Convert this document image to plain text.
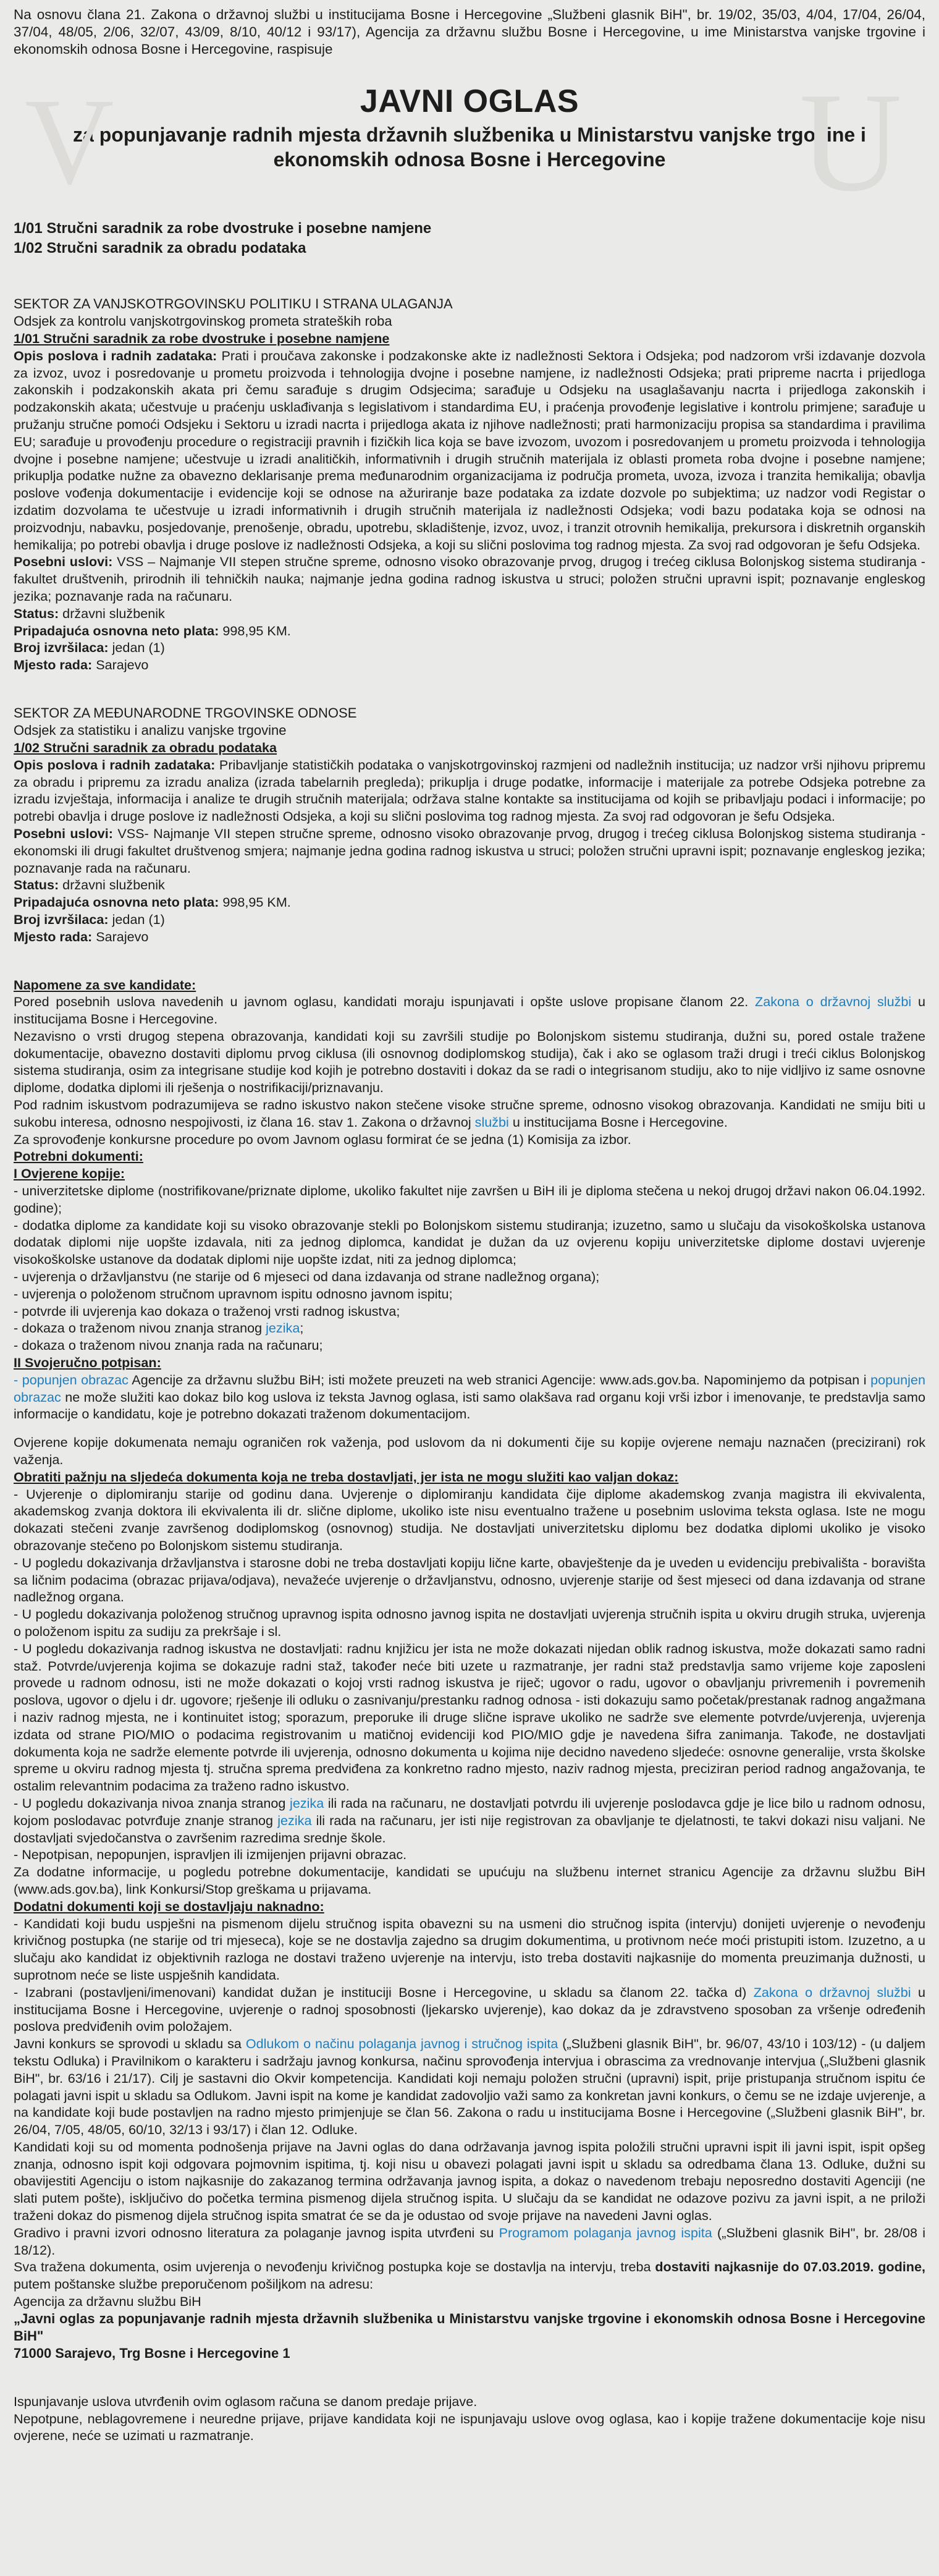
V	U

Na osnovu člana 21. Zakona o državnoj službi u institucijama Bosne i Hercegovine „Službeni glasnik BiH", br. 19/02, 35/03, 4/04, 17/04, 26/04, 37/04, 48/05, 2/06, 32/07, 43/09, 8/10, 40/12 i 93/17), Agencija za državnu službu Bosne i Hercegovine, u ime Ministarstva vanjske trgovine i ekonomskih odnosa Bosne i Hercegovine, raspisuje

JAVNI OGLAS
za popunjavanje radnih mjesta državnih službenika u Ministarstvu vanjske trgovine i ekonomskih odnosa Bosne i Hercegovine
1/01 Stručni saradnik za robe dvostruke i posebne namjene
1/02 Stručni saradnik za obradu podataka

SEKTOR ZA VANJSKOTRGOVINSKU POLITIKU I STRANA ULAGANJA

Odsjek za kontrolu vanjskotrgovinskog prometa strateških roba

1/01 Stručni saradnik za robe dvostruke i posebne namjene

Opis poslova i radnih zadataka: Prati i proučava zakonske i podzakonske akte iz nadležnosti Sektora i Odsjeka; pod nadzorom vrši izdavanje dozvola za izvoz, uvoz i posredovanje u prometu proizvoda i tehnologija dvojne i posebne namjene, iz nadležnosti Odsjeka; prati pripreme nacrta i prijedloga zakonskih i podzakonskih akata pri čemu sarađuje s drugim Odsjecima; sarađuje u Odsjeku na usaglašavanju nacrta i prijedloga zakonskih i podzakonskih akata; učestvuje u praćenju usklađivanja s legislativom i standardima EU, i praćenja provođenje legislative i kontrolu primjene; sarađuje u pružanju stručne pomoći Odsjeku i Sektoru u izradi nacrta i prijedloga akata iz njihove nadležnosti; prati harmonizaciju propisa sa standardima i pravilima EU; sarađuje u provođenju procedure o registraciji pravnih i fizičkih lica koja se bave izvozom, uvozom i posredovanjem u prometu proizvoda i tehnologija dvojne i posebne namjene; učestvuje u izradi analitičkih, informativnih i drugih stručnih materijala iz oblasti prometa roba dvojne i posebne namjene; prikuplja podatke nužne za obavezno deklarisanje prema međunarodnim organizacijama iz područja prometa, uvoza, izvoza i tranzita hemikalija; obavlja poslove vođenja dokumentacije i evidencije koji se odnose na ažuriranje baze podataka za izdate dozvole po subjektima; uz nadzor vodi Registar o izdatim dozvolama te učestvuje u izradi informativnih i drugih stručnih materijala iz nadležnosti Odsjeka; vodi bazu podataka koja se odnosi na proizvodnju, nabavku, posjedovanje, prenošenje, obradu, upotrebu, skladištenje, izvoz, uvoz, i tranzit otrovnih hemikalija, prekursora i diskretnih organskih hemikalija; po potrebi obavlja i druge poslove iz nadležnosti Odsjeka, a koji su slični poslovima tog radnog mjesta. Za svoj rad odgovoran je šefu Odsjeka.

Posebni uslovi: VSS – Najmanje VII stepen stručne spreme, odnosno visoko obrazovanje prvog, drugog i trećeg ciklusa Bolonjskog sistema studiranja - fakultet društvenih, prirodnih ili tehničkih nauka; najmanje jedna godina radnog iskustva u struci; položen stručni upravni ispit; poznavanje engleskog jezika; poznavanje rada na računaru.

Status: državni službenik

Pripadajuća osnovna neto plata: 998,95 KM.

Broj izvršilaca: jedan (1)

Mjesto rada: Sarajevo

SEKTOR ZA MEĐUNARODNE TRGOVINSKE ODNOSE

Odsjek za statistiku i analizu vanjske trgovine

1/02 Stručni saradnik za obradu podataka

Opis poslova i radnih zadataka: Pribavljanje statističkih podataka o vanjskotrgovinskoj razmjeni od nadležnih institucija; uz nadzor vrši njihovu pripremu za obradu i pripremu za izradu analiza (izrada tabelarnih pregleda); prikuplja i druge podatke, informacije i materijale za potrebe Odsjeka potrebne za izradu izvještaja, informacija i analize te drugih stručnih materijala; održava stalne kontakte sa institucijama od kojih se pribavljaju podaci i informacije; po potrebi obavlja i druge poslove iz nadležnosti Odsjeka, a koji su slični poslovima tog radnog mjesta. Za svoj rad odgovoran je šefu Odsjeka.

Posebni uslovi: VSS- Najmanje VII stepen stručne spreme, odnosno visoko obrazovanje prvog, drugog i trećeg ciklusa Bolonjskog sistema studiranja -ekonomski ili drugi fakultet društvenog smjera; najmanje jedna godina radnog iskustva u struci; položen stručni upravni ispit; poznavanje engleskog jezika; poznavanje rada na računaru.

Status: državni službenik

Pripadajuća osnovna neto plata: 998,95 KM.

Broj izvršilaca: jedan (1)

Mjesto rada: Sarajevo

Napomene za sve kandidate:

Pored posebnih uslova navedenih u javnom oglasu, kandidati moraju ispunjavati i opšte uslove propisane članom 22. Zakona o državnoj službi u institucijama Bosne i Hercegovine.

Nezavisno o vrsti drugog stepena obrazovanja, kandidati koji su završili studije po Bolonjskom sistemu studiranja, dužni su, pored ostale tražene dokumentacije, obavezno dostaviti diplomu prvog ciklusa (ili osnovnog dodiplomskog studija), čak i ako se oglasom traži drugi i treći ciklus Bolonjskog sistema studiranja, osim za integrisane studije kod kojih je potrebno dostaviti i dokaz da se radi o integrisanom studiju, ako to nije vidljivo iz same osnovne diplome, dodatka diplomi ili rješenja o nostrifikaciji/priznavanju.

Pod radnim iskustvom podrazumijeva se radno iskustvo nakon stečene visoke stručne spreme, odnosno visokog obrazovanja. Kandidati ne smiju biti u sukobu interesa, odnosno nespojivosti, iz člana 16. stav 1. Zakona o državnoj službi u institucijama Bosne i Hercegovine.

Za sprovođenje konkursne procedure po ovom Javnom oglasu formirat će se jedna (1) Komisija za izbor.

Potrebni dokumenti:

I Ovjerene kopije:

- univerzitetske diplome (nostrifikovane/priznate diplome, ukoliko fakultet nije završen u BiH ili je diploma stečena u nekoj drugoj državi nakon 06.04.1992. godine);

- dodatka diplome za kandidate koji su visoko obrazovanje stekli po Bolonjskom sistemu studiranja; izuzetno, samo u slučaju da visokoškolska ustanova dodatak diplomi nije uopšte izdavala, niti za jednog diplomca, kandidat je dužan da uz ovjerenu kopiju univerzitetske diplome dostavi uvjerenje visokoškolske ustanove da dodatak diplomi nije uopšte izdat, niti za jednog diplomca;

- uvjerenja o državljanstvu (ne starije od 6 mjeseci od dana izdavanja od strane nadležnog organa);

- uvjerenja o položenom stručnom upravnom ispitu odnosno javnom ispitu;

- potvrde ili uvjerenja kao dokaza o traženoj vrsti radnog iskustva;

- dokaza o traženom nivou znanja stranog jezika;

- dokaza o traženom nivou znanja rada na računaru;

II Svojeručno potpisan:

- popunjen obrazac Agencije za državnu službu BiH; isti možete preuzeti na web stranici Agencije: www.ads.gov.ba. Napominjemo da potpisan i popunjen obrazac ne može služiti kao dokaz bilo kog uslova iz teksta Javnog oglasa, isti samo olakšava rad organu koji vrši izbor i imenovanje, te predstavlja samo informacije o kandidatu, koje je potrebno dokazati traženom dokumentacijom.

Ovjerene kopije dokumenata nemaju ograničen rok važenja, pod uslovom da ni dokumenti čije su kopije ovjerene nemaju naznačen (precizirani) rok važenja.

Obratiti pažnju na sljedeća dokumenta koja ne treba dostavljati, jer ista ne mogu služiti kao valjan dokaz:

- Uvjerenje o diplomiranju starije od godinu dana. Uvjerenje o diplomiranju kandidata čije diplome akademskog zvanja magistra ili ekvivalenta, akademskog zvanja doktora ili ekvivalenta ili dr. slične diplome, ukoliko iste nisu eventualno tražene u posebnim uslovima teksta oglasa. Iste ne mogu dokazati stečeni zvanje završenog dodiplomskog (osnovnog) studija. Ne dostavljati univerzitetsku diplomu bez dodatka diplomi ukoliko je visoko obrazovanje stečeno po Bolonjskom sistemu studiranja.

- U pogledu dokazivanja državljanstva i starosne dobi ne treba dostavljati kopiju lične karte, obavještenje da je uveden u evidenciju prebivališta - boravišta sa ličnim podacima (obrazac prijava/odjava), nevažeće uvjerenje o državljanstvu, odnosno, uvjerenje starije od šest mjeseci od dana izdavanja od strane nadležnog organa.

- U pogledu dokazivanja položenog stručnog upravnog ispita odnosno javnog ispita ne dostavljati uvjerenja stručnih ispita u okviru drugih struka, uvjerenja o položenom ispitu za sudiju za prekršaje i sl.

- U pogledu dokazivanja radnog iskustva ne dostavljati: radnu knjižicu jer ista ne može dokazati nijedan oblik radnog iskustva, može dokazati samo radni staž. Potvrde/uvjerenja kojima se dokazuje radni staž, također neće biti uzete u razmatranje, jer radni staž predstavlja samo vrijeme koje zaposleni provede u radnom odnosu, isti ne može dokazati o kojoj vrsti radnog iskustva je riječ; ugovor o radu, ugovor o obavljanju privremenih i povremenih poslova, ugovor o djelu i dr. ugovore; rješenje ili odluku o zasnivanju/prestanku radnog odnosa - isti dokazuju samo početak/prestanak radnog angažmana i naziv radnog mjesta, ne i kontinuitet istog; sporazum, preporuke ili druge slične isprave ukoliko ne sadrže sve elemente potvrde/uvjerenja, uvjerenja izdata od strane PIO/MIO o podacima registrovanim u matičnoj evidenciji kod PIO/MIO gdje je navedena šifra zanimanja. Takođe, ne dostavljati dokumenta koja ne sadrže elemente potvrde ili uvjerenja, odnosno dokumenta u kojima nije decidno navedeno sljedeće: osnovne generalije, vrsta školske spreme u okviru radnog mjesta tj. stručna sprema predviđena za konkretno radno mjesto, naziv radnog mjesta, preciziran period radnog angažovanja, te ostalim relevantnim podacima za traženo radno iskustvo.

- U pogledu dokazivanja nivoa znanja stranog jezika ili rada na računaru, ne dostavljati potvrdu ili uvjerenje poslodavca gdje je lice bilo u radnom odnosu, kojom poslodavac potvrđuje znanje stranog jezika ili rada na računaru, jer isti nije registrovan za obavljanje te djelatnosti, te takvi dokazi nisu valjani. Ne dostavljati svjedočanstva o završenim razredima srednje škole.

- Nepotpisan, nepopunjen, ispravljen ili izmijenjen prijavni obrazac.

Za dodatne informacije, u pogledu potrebne dokumentacije, kandidati se upućuju na službenu internet stranicu Agencije za državnu službu BiH (www.ads.gov.ba), link Konkursi/Stop greškama u prijavama.

Dodatni dokumenti koji se dostavljaju naknadno:

- Kandidati koji budu uspješni na pismenom dijelu stručnog ispita obavezni su na usmeni dio stručnog ispita (intervju) donijeti uvjerenje o nevođenju krivičnog postupka (ne starije od tri mjeseca), koje se ne dostavlja zajedno sa drugim dokumentima, u protivnom neće moći pristupiti istom. Izuzetno, a u slučaju ako kandidat iz objektivnih razloga ne dostavi traženo uvjerenje na intervju, isto treba dostaviti najkasnije do momenta preuzimanja dužnosti, u suprotnom neće se liste uspješnih kandidata.

- Izabrani (postavljeni/imenovani) kandidat dužan je instituciji Bosne i Hercegovine, u skladu sa članom 22. tačka d) Zakona o državnoj službi u institucijama Bosne i Hercegovine, uvjerenje o radnoj sposobnosti (ljekarsko uvjerenje), kao dokaz da je zdravstveno sposoban za vršenje određenih poslova predviđenih ovim položajem.

Javni konkurs se sprovodi u skladu sa Odlukom o načinu polaganja javnog i stručnog ispita („Službeni glasnik BiH", br. 96/07, 43/10 i 103/12) - (u daljem tekstu Odluka) i Pravilnikom o karakteru i sadržaju javnog konkursa, načinu sprovođenja intervjua i obrascima za vrednovanje intervjua („Službeni glasnik BiH", br. 63/16 i 21/17). Cilj je sastavni dio Okvir kompetencija. Kandidati koji nemaju položen stručni (upravni) ispit, prije pristupanja stručnom ispitu će polagati javni ispit u skladu sa Odlukom. Javni ispit na kome je kandidat zadovoljio važi samo za konkretan javni konkurs, o čemu se ne izdaje uvjerenje, a na kandidate koji bude postavljen na radno mjesto primjenjuje se član 56. Zakona o radu u institucijama Bosne i Hercegovine („Službeni glasnik BiH", br. 26/04, 7/05, 48/05, 60/10, 32/13 i 93/17) i član 12. Odluke.

Kandidati koji su od momenta podnošenja prijave na Javni oglas do dana održavanja javnog ispita položili stručni upravni ispit ili javni ispit, ispit opšeg znanja, odnosno ispit koji odgovara pojmovnim ispitima, tj. koji nisu u obavezi polagati javni ispit u skladu sa odredbama člana 13. Odluke, dužni su obavijestiti Agenciju o istom najkasnije do zakazanog termina održavanja javnog ispita, a dokaz o navedenom trebaju neposredno dostaviti Agenciji (ne slati putem pošte), isključivo do početka termina pismenog dijela stručnog ispita. U slučaju da se kandidat ne odazove pozivu za javni ispit, a ne priloži traženi dokaz do pismenog dijela stručnog ispita smatrat će se da je odustao od svoje prijave na navedeni Javni oglas.

Gradivo i pravni izvori odnosno literatura za polaganje javnog ispita utvrđeni su Programom polaganja javnog ispita („Službeni glasnik BiH", br. 28/08 i 18/12).

Sva tražena dokumenta, osim uvjerenja o nevođenju krivičnog postupka koje se dostavlja na intervju, treba dostaviti najkasnije do 07.03.2019. godine, putem poštanske službe preporučenom pošiljkom na adresu:

Agencija za državnu službu BiH

„Javni oglas za popunjavanje radnih mjesta državnih službenika u Ministarstvu vanjske trgovine i ekonomskih odnosa Bosne i Hercegovine BiH"

71000 Sarajevo, Trg Bosne i Hercegovine 1

Ispunjavanje uslova utvrđenih ovim oglasom računa se danom predaje prijave.

Nepotpune, neblagovremene i neuredne prijave, prijave kandidata koji ne ispunjavaju uslove ovog oglasa, kao i kopije tražene dokumentacije koje nisu ovjerene, neće se uzimati u razmatranje.
